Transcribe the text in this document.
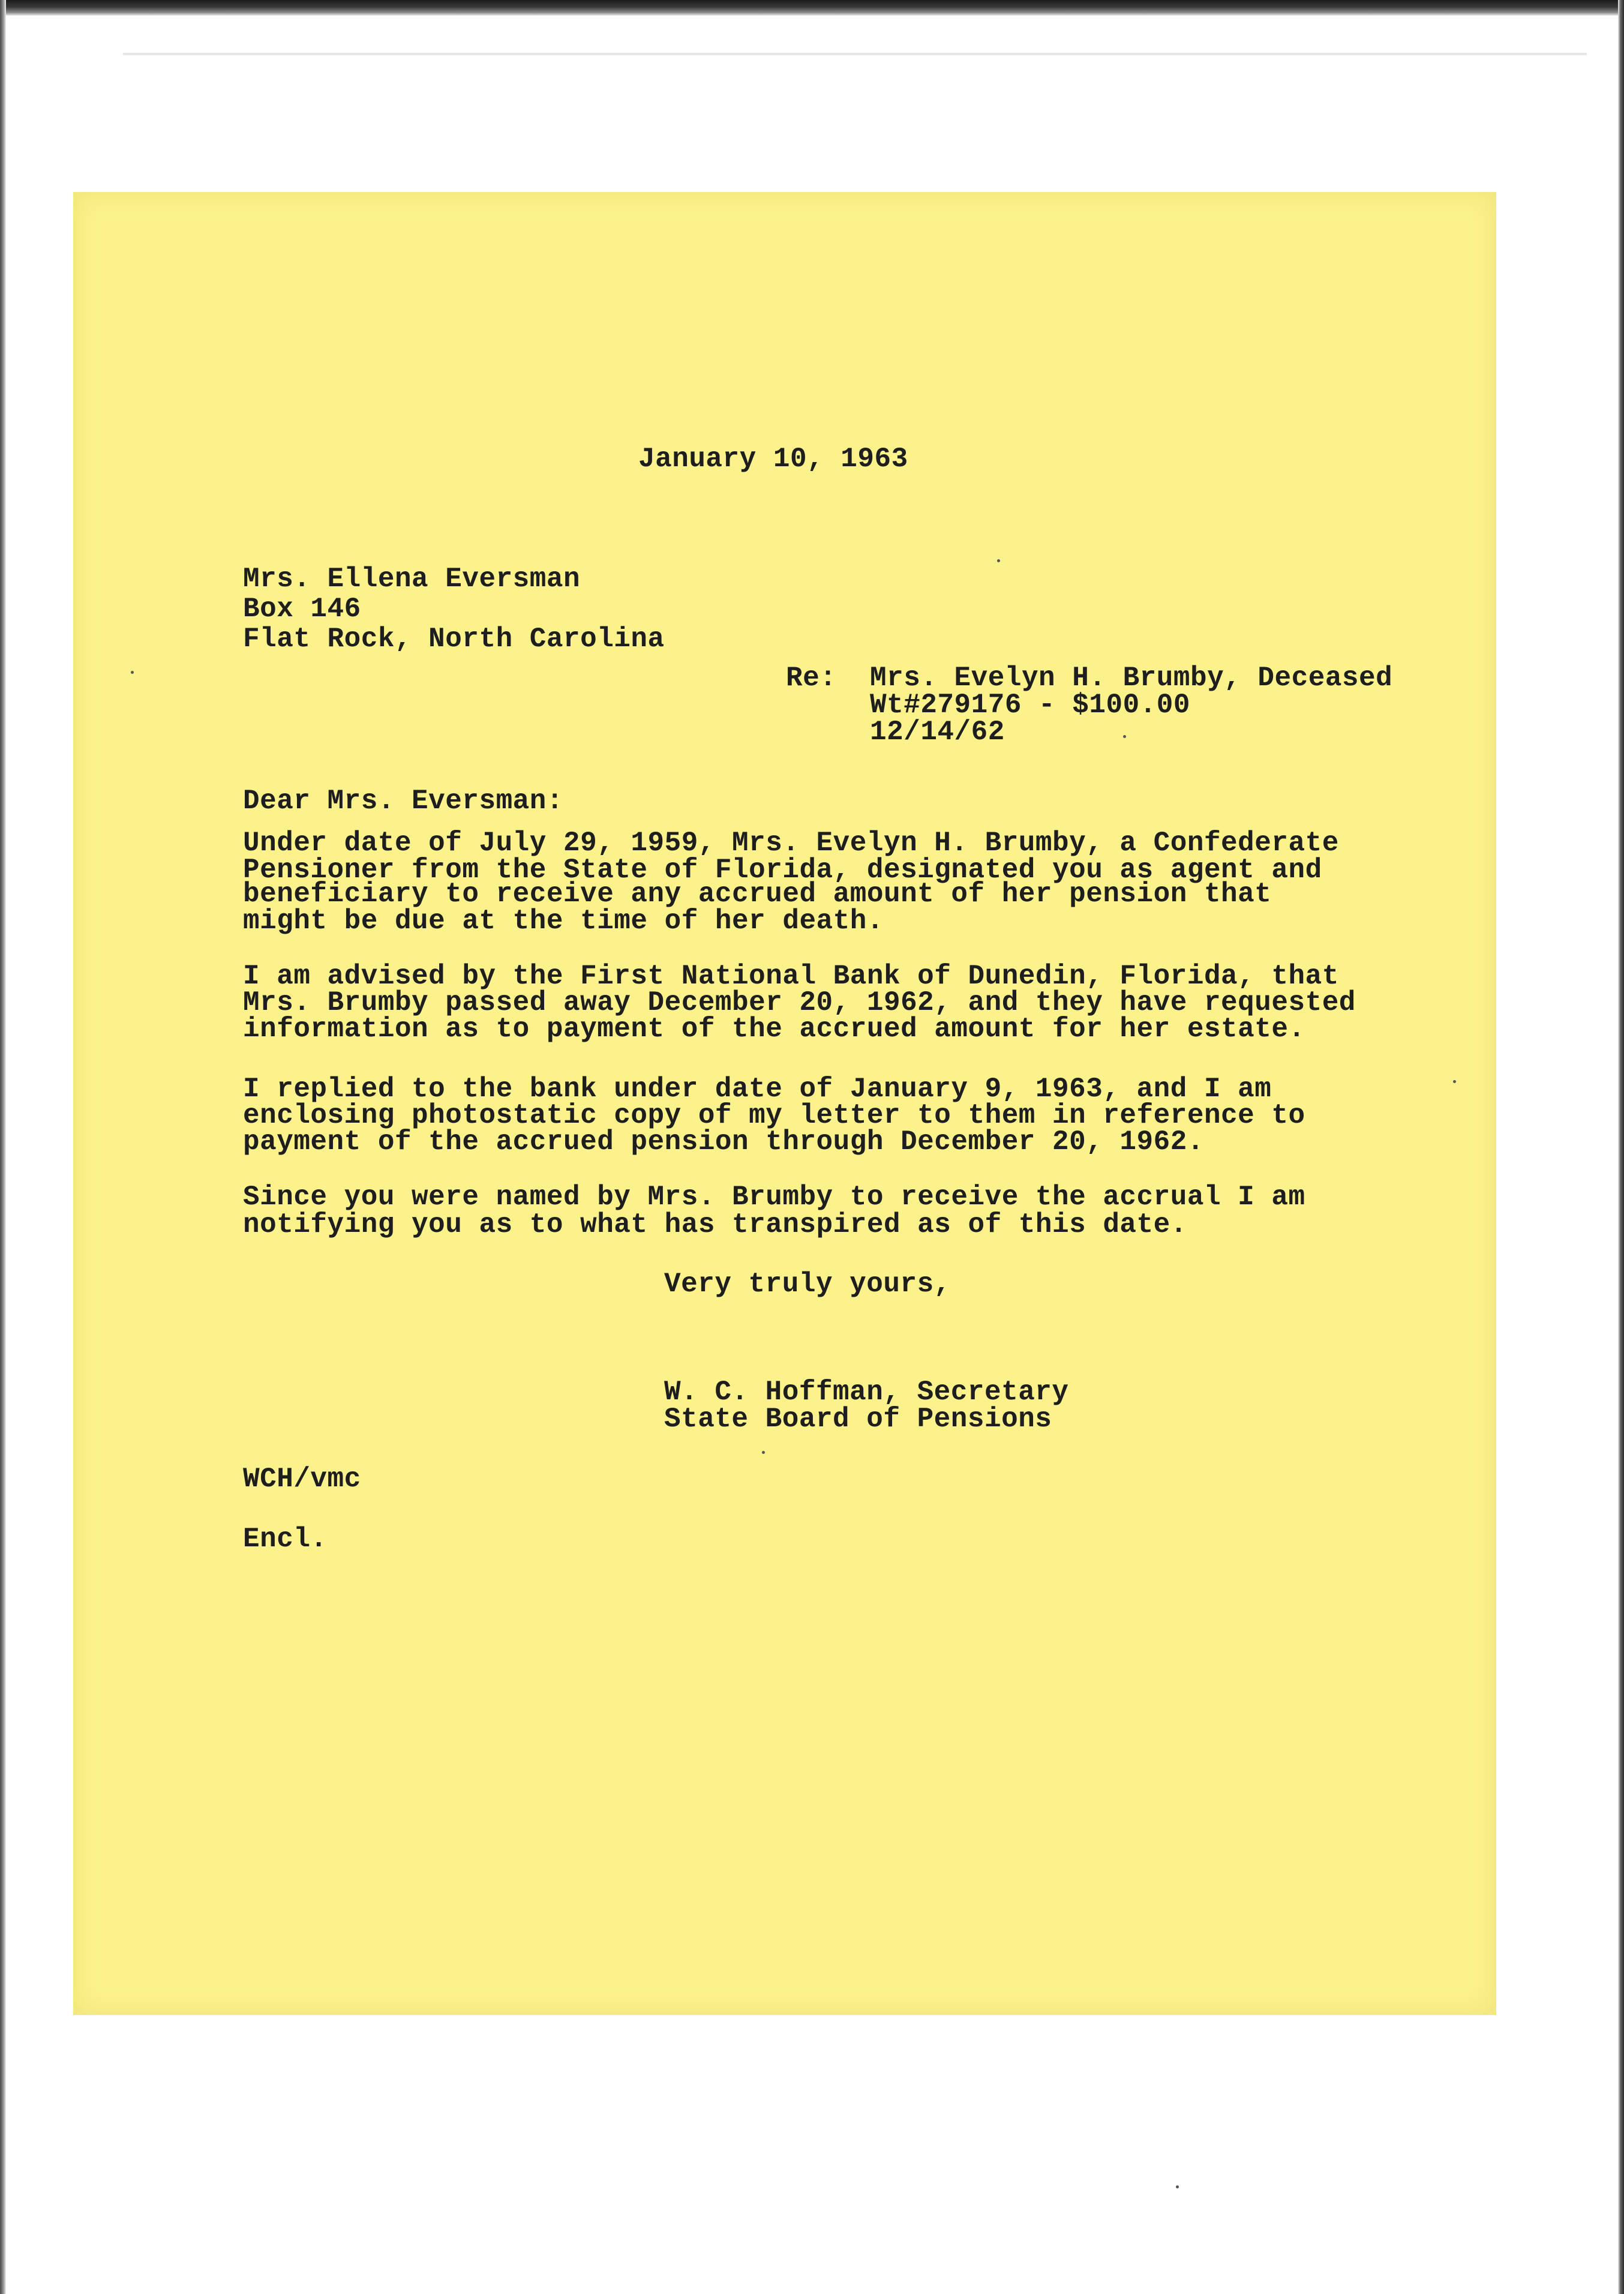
January 10, 1963
Mrs. Ellena Eversman
Box 146
Flat Rock, North Carolina
Re: Mrs. Evelyn H. Brumby, Deceased
Wt#279176 - $100.00
12/14/62
Dear Mrs. Eversman:
Under date of July 29, 1959, Mrs. Evelyn H. Brumby, a Confederate
Pensioner from the State of Florida, designated you as agent and
beneficiary to receive any accrued amount of her pension that
might be due at the time of her death.
I am advised by the First National Bank of Dunedin, Florida, that
Mrs. Brumby passed away December 20, 1962, and they have requested
information as to payment of the accrued amount for her estate.
I replied to the bank under date of January 9, 1963, and I am
enclosing photostatic copy of my letter to them in reference to
payment of the accrued pension through December 20, 1962.
Since you were named by Mrs. Brumby to receive the accrual I am
notifying you as to what has transpired as of this date.
Very truly yours,
W. C. Hoffman, Secretary
State Board of Pensions
WCH/vmc
Encl.
